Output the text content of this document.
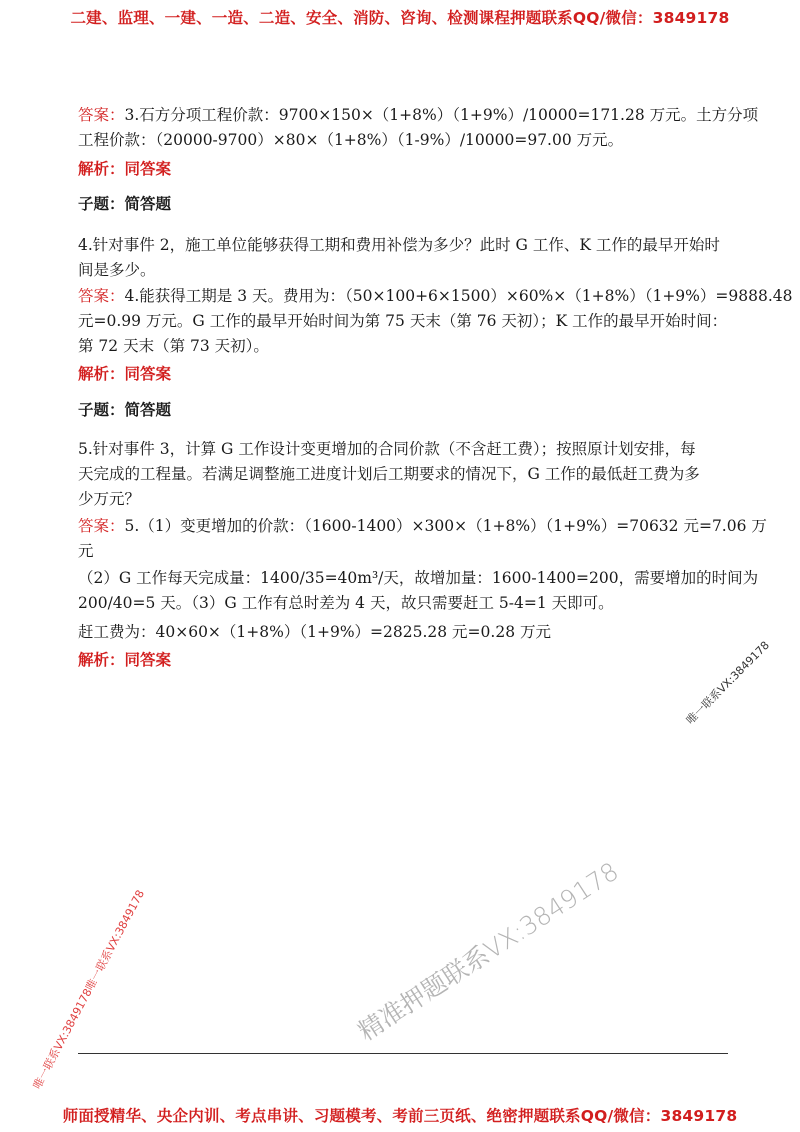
二建、监理、一建、一造、二造、安全、消防、咨询、检测课程押题联系QQ/微信：3849178
答案：3.石方分项工程价款：9700×150×（1+8%）（1+9%）/10000=171.28 万元。土方分项
工程价款：（20000-9700）×80×（1+8%）（1-9%）/10000=97.00 万元。
解析：同答案
子题：简答题
4.针对事件 2，施工单位能够获得工期和费用补偿为多少？此时 G 工作、K 工作的最早开始时
间是多少。
答案：4.能获得工期是 3 天。费用为：（50×100+6×1500）×60%×（1+8%）（1+9%）=9888.48
元=0.99 万元。G 工作的最早开始时间为第 75 天末（第 76 天初）；K 工作的最早开始时间：
第 72 天末（第 73 天初）。
解析：同答案
子题：简答题
5.针对事件 3，计算 G 工作设计变更增加的合同价款（不含赶工费）；按照原计划安排，每
天完成的工程量。若满足调整施工进度计划后工期要求的情况下，G 工作的最低赶工费为多
少万元？
答案：5.（1）变更增加的价款：（1600-1400）×300×（1+8%）（1+9%）=70632 元=7.06 万
元
（2）G 工作每天完成量：1400/35=40m³/天，故增加量：1600-1400=200，需要增加的时间为
200/40=5 天。（3）G 工作有总时差为 4 天，故只需要赶工 5-4=1 天即可。
赶工费为：40×60×（1+8%）（1+9%）=2825.28 元=0.28 万元
解析：同答案	唯一联系VX:3849178
精准押题联系VX:3849178
唯一联系VX:3849178唯一联系VX:3849178
师面授精华、央企内训、考点串讲、习题模考、考前三页纸、绝密押题联系QQ/微信：3849178
